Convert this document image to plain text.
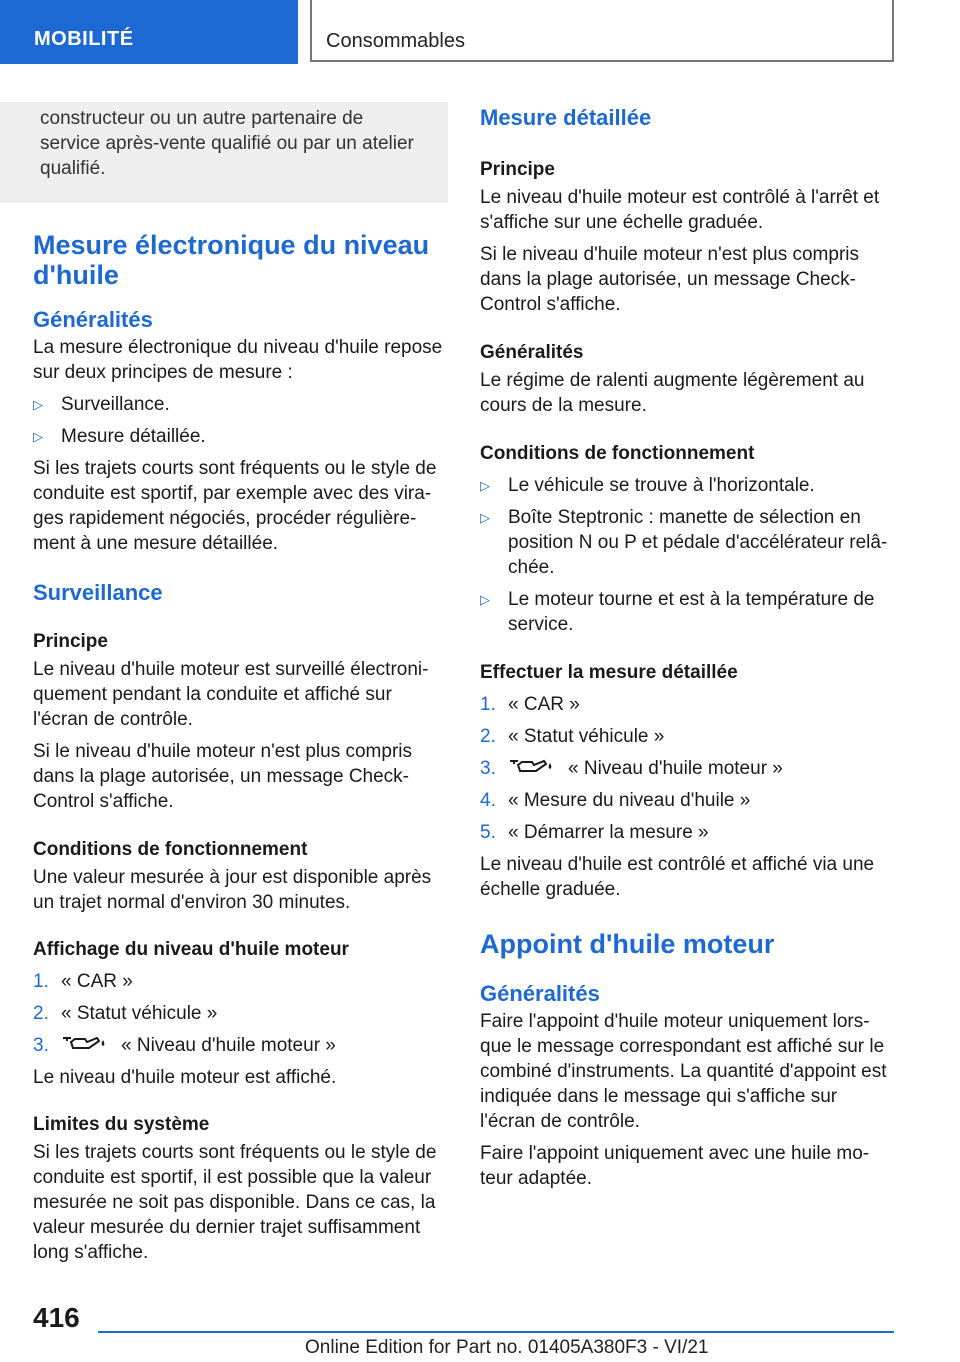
MOBILITÉ	Consommables

constructeur ou un autre partenaire de service après-vente qualifié ou par un atelier qualifié.

Mesure électronique du niveau d'huile
Généralités

La mesure électronique du niveau d'huile repose sur deux principes de mesure :

▷ Surveillance.
▷ Mesure détaillée.

Si les trajets courts sont fréquents ou le style de conduite est sportif, par exemple avec des vira- ges rapidement négociés, procéder régulière- ment à une mesure détaillée.

Surveillance
Principe

Le niveau d'huile moteur est surveillé électroni- quement pendant la conduite et affiché sur l'écran de contrôle.

Si le niveau d'huile moteur n'est plus compris dans la plage autorisée, un message Check- Control s'affiche.

Conditions de fonctionnement

Une valeur mesurée à jour est disponible après un trajet normal d'environ 30 minutes.

Affichage du niveau d'huile moteur
1. « CAR »
2. « Statut véhicule »
3.	« Niveau d'huile moteur »

Le niveau d'huile moteur est affiché.

Limites du système

Si les trajets courts sont fréquents ou le style de conduite est sportif, il est possible que la valeur mesurée ne soit pas disponible. Dans ce cas, la valeur mesurée du dernier trajet suffisamment long s'affiche.

Mesure détaillée
Principe

Le niveau d'huile moteur est contrôlé à l'arrêt et s'affiche sur une échelle graduée.

Si le niveau d'huile moteur n'est plus compris dans la plage autorisée, un message Check- Control s'affiche.

Généralités

Le régime de ralenti augmente légèrement au cours de la mesure.

Conditions de fonctionnement
▷ Le véhicule se trouve à l'horizontale.
▷ Boîte Steptronic : manette de sélection en position N ou P et pédale d'accélérateur relâ- chée.
▷ Le moteur tourne et est à la température de service.
Effectuer la mesure détaillée
1. « CAR »
2. « Statut véhicule »
3.	« Niveau d'huile moteur »
4. « Mesure du niveau d'huile »
5. « Démarrer la mesure »

Le niveau d'huile est contrôlé et affiché via une échelle graduée.

Appoint d'huile moteur
Généralités

Faire l'appoint d'huile moteur uniquement lors- que le message correspondant est affiché sur le combiné d'instruments. La quantité d'appoint est indiquée dans le message qui s'affiche sur l'écran de contrôle.

Faire l'appoint uniquement avec une huile mo- teur adaptée.

416
Online Edition for Part no. 01405A380F3 - VI/21
